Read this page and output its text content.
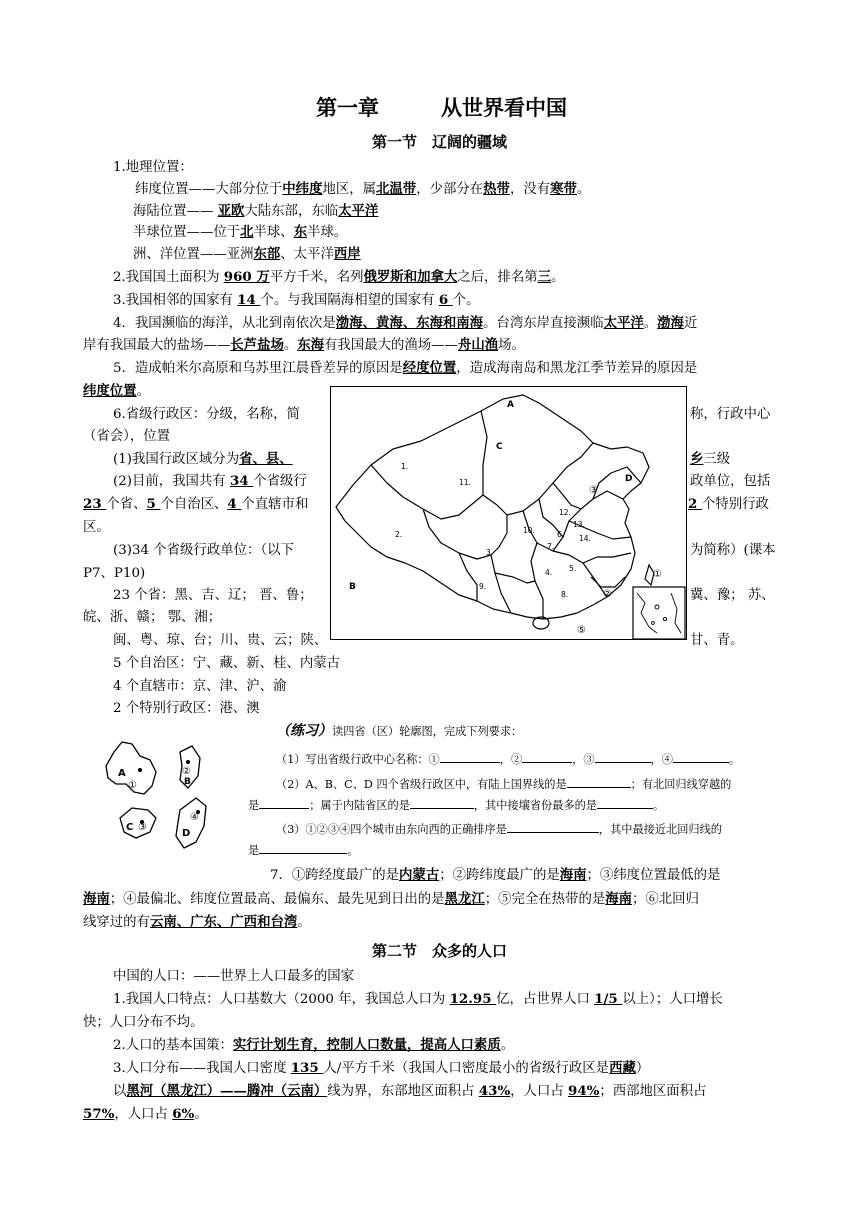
第一章	从世界看中国
第一节　辽阔的疆域
1.地理位置：
纬度位置——大部分位于中纬度地区，属北温带，少部分在热带，没有寒带。
海陆位置—— 亚欧大陆东部，东临太平洋
半球位置——位于北半球、东半球。
洲、洋位置——亚洲东部、太平洋西岸
2.我国国土面积为 960 万平方千米，名列俄罗斯和加拿大之后，排名第三。
3.我国相邻的国家有 14 个。与我国隔海相望的国家有 6 个。
4．我国濒临的海洋，从北到南依次是渤海、黄海、东海和南海。台湾东岸直接濒临太平洋。渤海近
岸有我国最大的盐场——长芦盐场。东海有我国最大的渔场——舟山渔场。
5．造成帕米尔高原和乌苏里江晨昏差异的原因是经度位置，造成海南岛和黑龙江季节差异的原因是
纬度位置。
6.省级行政区：分级，名称，简	称，行政中心
（省会），位置
(1)我国行政区域分为省、县、	乡三级
(2)目前，我国共有 34 个省级行	政单位，包括
23 个省、5 个自治区、4 个直辖市和	2 个特别行政
区。
(3)34 个省级行政单位：（以下	为简称）(课本
P7、P10)
23 个省：黑、吉、辽； 晋、鲁；	冀、豫； 苏、
皖、浙、赣； 鄂、湘；
闽、粤、琼、台；川、贵、云；陕、	甘、青。
5 个自治区：宁、藏、新、桂、内蒙古
4 个直辖市：京、津、沪、渝
2 个特别行政区：港、澳
A
C
D
B
1.
2.
3.
4. 5.
6.
7.
8.
9.
10.
11.
12.
13.
14.
③
②
①
⑤
（练习）读四省（区）轮廓图，完成下列要求：
A
①
②
B
C ③
④
D
（1）写出省级行政中心名称：①	，②	，③	，④	。
（2）A、B、C、D 四个省级行政区中，有陆上国界线的是	；有北回归线穿越的
是	；属于内陆省区的是	，其中接壤省份最多的是	。
（3）①②③④四个城市由东向西的正确排序是	，其中最接近北回归线的
是	。
7．①跨经度最广的是内蒙古；②跨纬度最广的是海南；③纬度位置最低的是
海南；④最偏北、纬度位置最高、最偏东、最先见到日出的是黑龙江；⑤完全在热带的是海南；⑥北回归
线穿过的有云南、广东、广西和台湾。
第二节　众多的人口
中国的人口：——世界上人口最多的国家
1.我国人口特点：人口基数大（2000 年，我国总人口为 12.95 亿，占世界人口 1/5 以上）；人口增长
快；人口分布不均。
2.人口的基本国策：实行计划生育，控制人口数量，提高人口素质。
3.人口分布——我国人口密度 135 人/平方千米（我国人口密度最小的省级行政区是西藏）
以黑河（黑龙江）——腾冲（云南）线为界，东部地区面积占 43%，人口占 94%；西部地区面积占
57%，人口占 6%。
